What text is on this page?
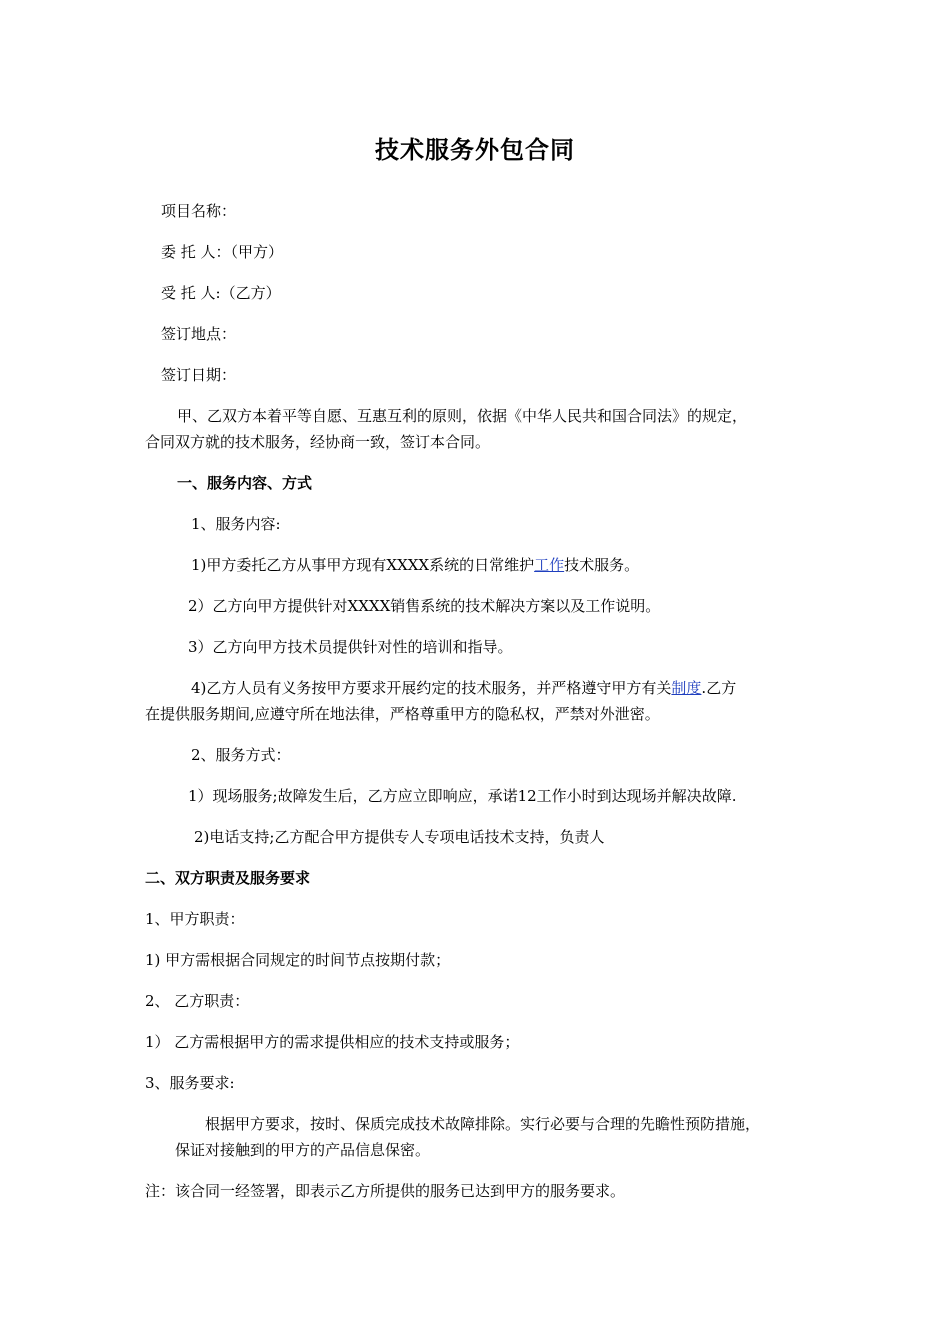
技术服务外包合同
项目名称：
委 托 人：（甲方）
受 托 人:（乙方）
签订地点：
签订日期：
甲、乙双方本着平等自愿、互惠互利的原则，依据《中华人民共和国合同法》的规定，
合同双方就的技术服务，经协商一致，签订本合同。
一、服务内容、方式
1、服务内容:
1)甲方委托乙方从事甲方现有XXXX系统的日常维护工作技术服务。
2）乙方向甲方提供针对XXXX销售系统的技术解决方案以及工作说明。
3）乙方向甲方技术员提供针对性的培训和指导。
4)乙方人员有义务按甲方要求开展约定的技术服务，并严格遵守甲方有关制度.乙方
在提供服务期间,应遵守所在地法律，严格尊重甲方的隐私权，严禁对外泄密。
2、服务方式：
1）现场服务;故障发生后，乙方应立即响应，承诺12工作小时到达现场并解决故障.
2)电话支持;乙方配合甲方提供专人专项电话技术支持，负责人
二、双方职责及服务要求
1、甲方职责：
1) 甲方需根据合同规定的时间节点按期付款；
2、 乙方职责：
1） 乙方需根据甲方的需求提供相应的技术支持或服务；
3、服务要求:
根据甲方要求，按时、保质完成技术故障排除。实行必要与合理的先瞻性预防措施，
保证对接触到的甲方的产品信息保密。
注：该合同一经签署，即表示乙方所提供的服务已达到甲方的服务要求。
